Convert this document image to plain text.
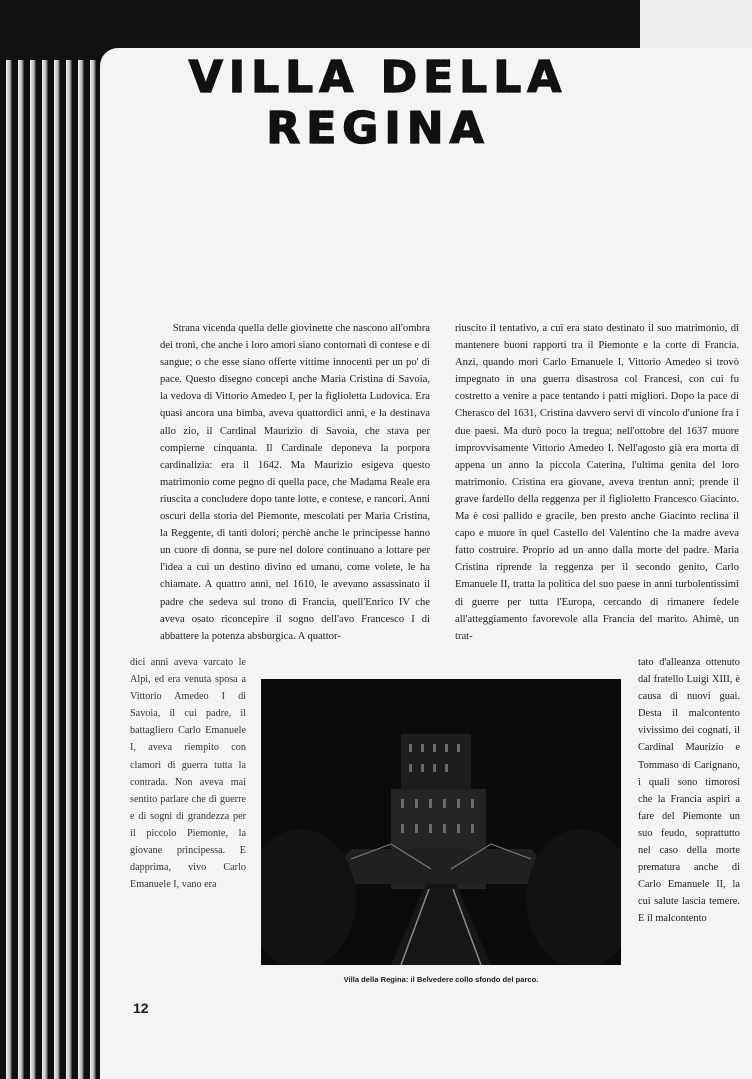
VILLA DELLA REGINA

Strana vicenda quella delle giovinette che nascono all'ombra dei troni, che anche i loro amori siano contornati di contese e di sangue; o che esse siano offerte vittime innocenti per un po' di pace. Questo disegno concepì anche Maria Cristina di Savoia, la vedova di Vittorio Amedeo I, per la figlioletta Ludovica. Era quasi ancora una bimba, aveva quattordici anni, e la destinava allo zio, il Cardinal Maurizio di Savoia, che stava per compierne cinquanta. Il Cardinale deponeva la porpora cardinalizia: era il 1642. Ma Maurizio esigeva questo matrimonio come pegno di quella pace, che Madama Reale era riuscita a concludere dopo tante lotte, e contese, e rancori. Anni oscuri della storia del Piemonte, mescolati per Maria Cristina, la Reggente, di tanti dolori; perchè anche le principesse hanno un cuore di donna, se pure nel dolore continuano a lottare per l'idea a cui un destino divino ed umano, come volete, le ha chiamate. A quattro anni, nel 1610, le avevano assassinato il padre che sedeva sul trono di Francia, quell'Enrico IV che aveva osato riconcepire il sogno dell'avo Francesco I di abbattere la potenza absburgica. A quattor-

dici anni aveva varcato le Alpi, ed era venuta sposa a Vittorio Amedeo I di Savoia, il cui padre, il battagliero Carlo Emanuele I, aveva riempito con clamori di guerra tutta la contrada. Non aveva mai sentito parlare che di guerre e di sogni di grandezza per il piccolo Piemonte, la giovane principessa. E dapprima, vivo Carlo Emanuele I, vano era

riuscito il tentativo, a cui era stato destinato il suo matrimonio, di mantenere buoni rapporti tra il Piemonte e la corte di Francia. Anzi, quando morì Carlo Emanuele I, Vittorio Amedeo si trovò impegnato in una guerra disastrosa col Francesi, con cui fu costretto a venire a pace tentando i patti migliori. Dopo la pace di Cherasco del 1631, Cristina davvero servì di vincolo d'unione fra i due paesi. Ma durò poco la tregua; nell'ottobre del 1637 muore improvvisamente Vittorio Amedeo I. Nell'agosto già era morta di appena un anno la piccola Caterina, l'ultima genita del loro matrimonio. Cristina era giovane, aveva trentun anni; prende il grave fardello della reggenza per il figlioletto Francesco Giacinto. Ma è così pallido e gracile, ben presto anche Giacinto reclina il capo e muore in quel Castello del Valentino che la madre aveva fatto costruire. Proprio ad un anno dalla morte del padre. Maria Cristina riprende la reggenza per il secondo genito, Carlo Emanuele II, tratta la politica del suo paese in anni turbolentissimi di guerre per tutta l'Europa, cercando di rimanere fedele all'atteggiamento favorevole alla Francia del marito. Ahimè, un trat-

tato d'alleanza ottenuto dal fratello Luigi XIII, è causa di nuovi guai. Desta il malcontento vivissimo dei cognati, il Cardinal Maurizio e Tommaso di Carignano, i quali sono timorosi che la Francia aspiri a fare del Piemonte un suo feudo, soprattutto nel caso della morte prematura anche di Carlo Emanuele II, la cui salute lascia temere. E il malcontento

Villa della Regina: il Belvedere collo sfondo del parco.
12
